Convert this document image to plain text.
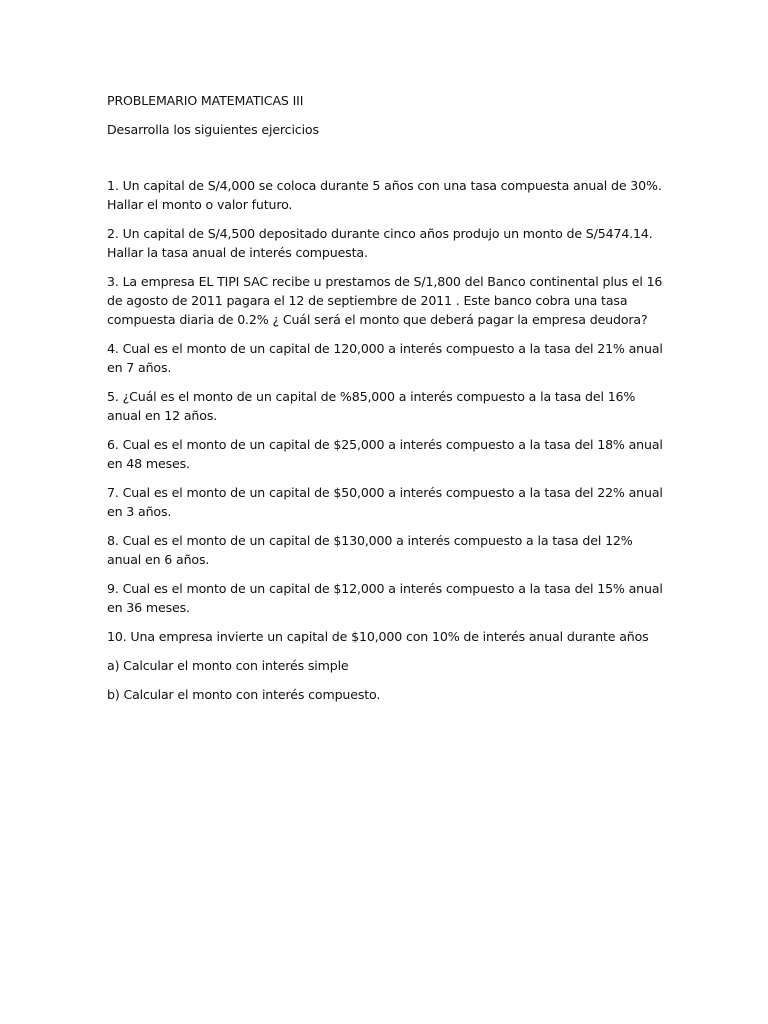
PROBLEMARIO MATEMATICAS III

Desarrolla los siguientes ejercicios

1. Un capital de S/4,000 se coloca durante 5 años con una tasa compuesta anual de 30%. Hallar el monto o valor futuro.

2. Un capital de S/4,500 depositado durante cinco años produjo un monto de S/5474.14. Hallar la tasa anual de interés compuesta.

3. La empresa EL TIPI SAC recibe u prestamos de S/1,800 del Banco continental plus el 16 de agosto de 2011 pagara el 12 de septiembre de 2011 . Este banco cobra una tasa compuesta diaria de 0.2% ¿ Cuál será el monto que deberá pagar la empresa deudora?

4. Cual es el monto de un capital de 120,000 a interés compuesto a la tasa del 21% anual en 7 años.

5. ¿Cuál es el monto de un capital de %85,000 a interés compuesto a la tasa del 16% anual en 12 años.

6. Cual es el monto de un capital de $25,000 a interés compuesto a la tasa del 18% anual en 48 meses.

7. Cual es el monto de un capital de $50,000 a interés compuesto a la tasa del 22% anual en 3 años.

8. Cual es el monto de un capital de $130,000 a interés compuesto a la tasa del 12% anual en 6 años.

9. Cual es el monto de un capital de $12,000 a interés compuesto a la tasa del 15% anual en 36 meses.

10. Una empresa invierte un capital de $10,000 con 10% de interés anual durante años

a) Calcular el monto con interés simple

b) Calcular el monto con interés compuesto.
